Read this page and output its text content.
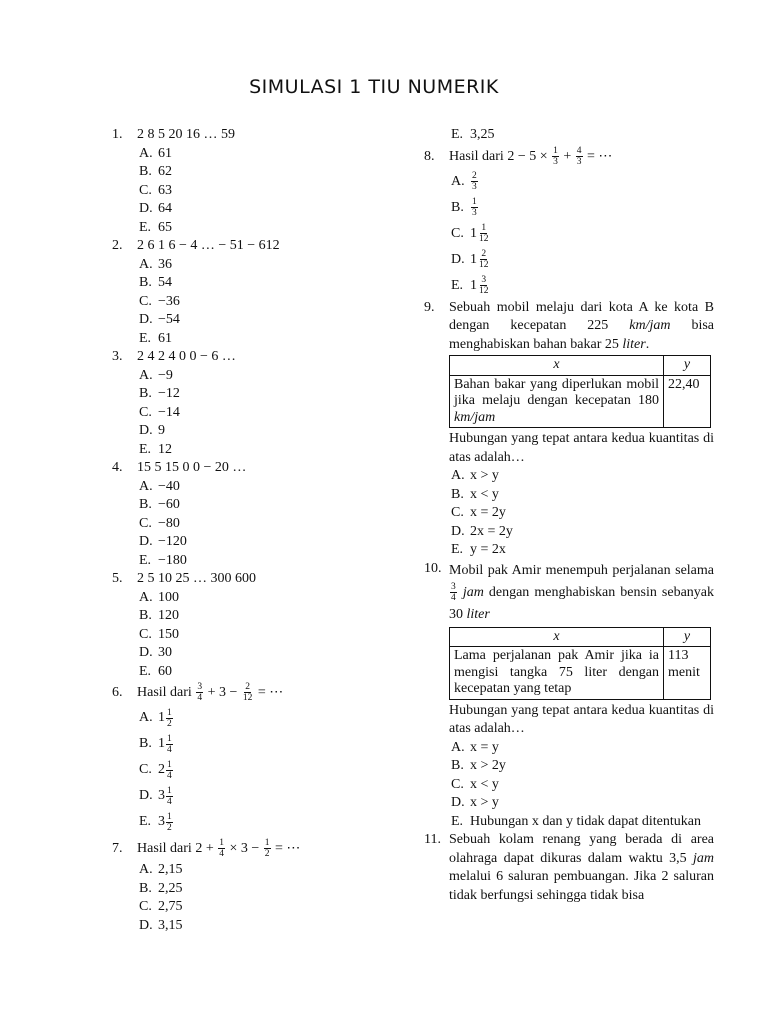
SIMULASI 1 TIU NUMERIK
1.	2 8 5 20 16 … 59
A. 61
B. 62
C. 63
D. 64
E. 65
2.	2 6 1 6 − 4 … − 51 − 612
A. 36
B. 54
C. −36
D. −54
E. 61
3.	2 4 2 4 0 0 − 6 …
A. −9
B. −12
C. −14
D. 9
E. 12
4.	15 5 15 0 0 − 20 …
A. −40
B. −60
C. −80
D. −120
E. −180
5.	2 5 10 25 … 300 600
A. 100
B. 120
C. 150
D. 30
E. 60
6.	Hasil dari $\frac{3}{4} + 3 - \frac{2}{12}$ = ⋯
A. $1 \frac{1}{2}$
B. $1 \frac{1}{4}$
C. $2 \frac{1}{4}$
D. $3 \frac{1}{4}$
E. $3 \frac{1}{2}$
7.	Hasil dari $2 + \frac{1}{4} \times 3 - \frac{1}{2}$ = ⋯
A. 2,15
B. 2,25
C. 2,75
D. 3,15
E. 3,25
8.	Hasil dari $2 - 5 \times \frac{1}{3} + \frac{4}{3}$ = ⋯
A. $\frac{2}{3}$
B. $\frac{1}{3}$
C. $1 \frac{1}{12}$
D. $1 \frac{2}{12}$
E. $1 \frac{3}{12}$
9.	Sebuah mobil melaju dari kota A ke kota B dengan kecepatan 225 km/jam bisa menghabiskan bahan bakar 25 liter.
x	y
Bahan bakar yang diperlukan mobil jika melaju dengan kecepatan 180 km/jam	22,40
Hubungan yang tepat antara kedua kuantitas di atas adalah…
A. x > y
B. x < y
C. x = 2y
D. 2x = 2y
E. y = 2x
10. Mobil pak Amir menempuh perjalanan selama
$\frac{3}{4}$ jam dengan menghabiskan bensin sebanyak 30 liter
x	y
Lama perjalanan pak Amir jika ia mengisi tangka 75 liter dengan kecepatan yang tetap	113 menit
Hubungan yang tepat antara kedua kuantitas di atas adalah…
A. x = y
B. x > 2y
C. x < y
D. x > y
E. Hubungan x dan y tidak dapat ditentukan
11. Sebuah kolam renang yang berada di area olahraga dapat dikuras dalam waktu 3,5 jam melalui 6 saluran pembuangan. Jika 2 saluran tidak berfungsi sehingga tidak bisa
